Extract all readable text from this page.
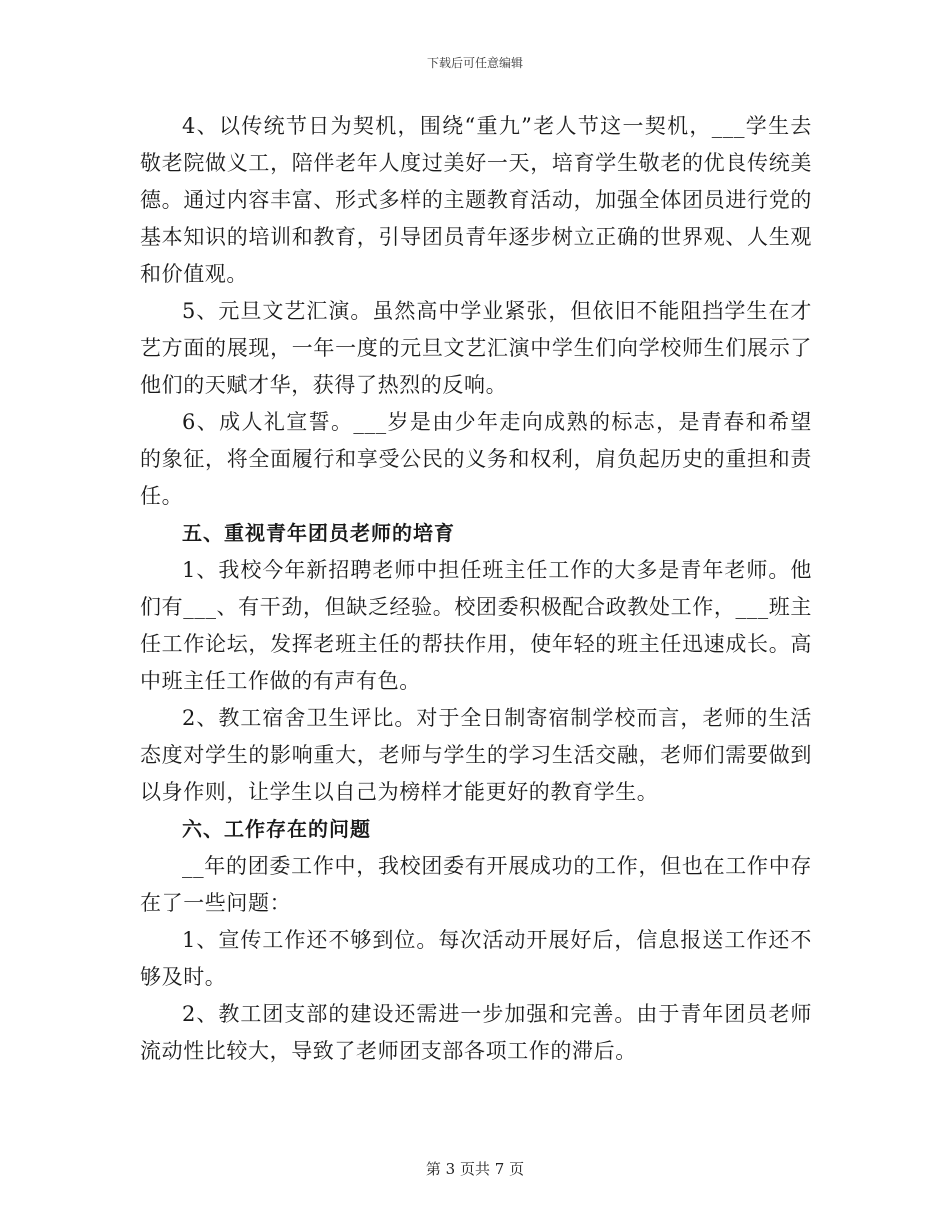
下载后可任意编辑

4、以传统节日为契机，围绕“重九”老人节这一契机，___学生去敬老院做义工，陪伴老年人度过美好一天，培育学生敬老的优良传统美德。通过内容丰富、形式多样的主题教育活动，加强全体团员进行党的基本知识的培训和教育，引导团员青年逐步树立正确的世界观、人生观和价值观。

5、元旦文艺汇演。虽然高中学业紧张，但依旧不能阻挡学生在才艺方面的展现，一年一度的元旦文艺汇演中学生们向学校师生们展示了他们的天赋才华，获得了热烈的反响。

6、成人礼宣誓。___岁是由少年走向成熟的标志，是青春和希望的象征，将全面履行和享受公民的义务和权利，肩负起历史的重担和责任。

五、重视青年团员老师的培育

1、我校今年新招聘老师中担任班主任工作的大多是青年老师。他们有___、有干劲，但缺乏经验。校团委积极配合政教处工作，___班主任工作论坛，发挥老班主任的帮扶作用，使年轻的班主任迅速成长。高中班主任工作做的有声有色。

2、教工宿舍卫生评比。对于全日制寄宿制学校而言，老师的生活态度对学生的影响重大，老师与学生的学习生活交融，老师们需要做到以身作则，让学生以自己为榜样才能更好的教育学生。

六、工作存在的问题

__年的团委工作中，我校团委有开展成功的工作，但也在工作中存在了一些问题：

1、宣传工作还不够到位。每次活动开展好后，信息报送工作还不够及时。

2、教工团支部的建设还需进一步加强和完善。由于青年团员老师流动性比较大，导致了老师团支部各项工作的滞后。

第 3 页共 7 页
